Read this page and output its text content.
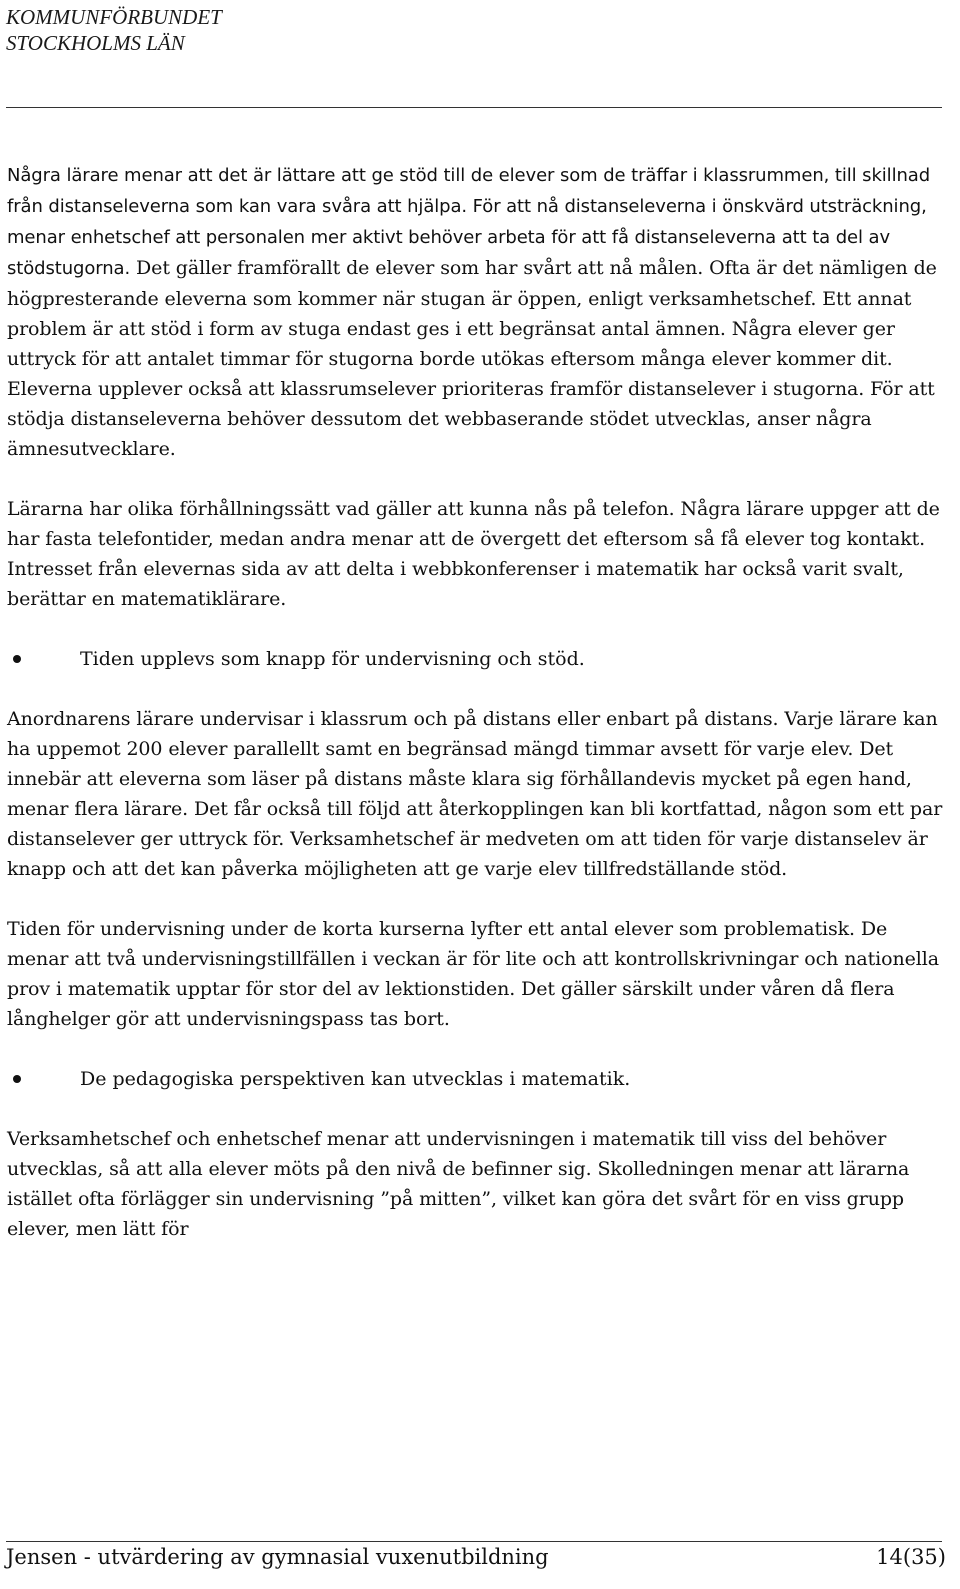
KOMMUNFÖRBUNDET
STOCKHOLMS LÄN

Några lärare menar att det är lättare att ge stöd till de elever som de träffar i klassrummen, till skillnad från distanseleverna som kan vara svåra att hjälpa. För att nå distanseleverna i önskvärd utsträckning, menar enhetschef att personalen mer aktivt behöver arbeta för att få distanseleverna att ta del av stödstugorna. Det gäller framförallt de elever som har svårt att nå målen. Ofta är det nämligen de högpresterande eleverna som kommer när stugan är öppen, enligt verksamhetschef. Ett annat problem är att stöd i form av stuga endast ges i ett begränsat antal ämnen. Några elever ger uttryck för att antalet timmar för stugorna borde utökas eftersom många elever kommer dit. Eleverna upplever också att klassrumselever prioriteras framför distanselever i stugorna. För att stödja distanseleverna behöver dessutom det webbaserande stödet utvecklas, anser några ämnesutvecklare.

Lärarna har olika förhållningssätt vad gäller att kunna nås på telefon. Några lärare uppger att de har fasta telefontider, medan andra menar att de övergett det eftersom så få elever tog kontakt. Intresset från elevernas sida av att delta i webbkonferenser i matematik har också varit svalt, berättar en matematiklärare.

Tiden upplevs som knapp för undervisning och stöd.

Anordnarens lärare undervisar i klassrum och på distans eller enbart på distans. Varje lärare kan ha uppemot 200 elever parallellt samt en begränsad mängd timmar avsett för varje elev. Det innebär att eleverna som läser på distans måste klara sig förhållandevis mycket på egen hand, menar flera lärare. Det får också till följd att återkopplingen kan bli kortfattad, någon som ett par distanselever ger uttryck för. Verksamhetschef är medveten om att tiden för varje distanselev är knapp och att det kan påverka möjligheten att ge varje elev tillfredställande stöd.

Tiden för undervisning under de korta kurserna lyfter ett antal elever som problematisk. De menar att två undervisningstillfällen i veckan är för lite och att kontrollskrivningar och nationella prov i matematik upptar för stor del av lektionstiden. Det gäller särskilt under våren då flera långhelger gör att undervisningspass tas bort.

De pedagogiska perspektiven kan utvecklas i matematik.

Verksamhetschef och enhetschef menar att undervisningen i matematik till viss del behöver utvecklas, så att alla elever möts på den nivå de befinner sig. Skolledningen menar att lärarna istället ofta förlägger sin undervisning ”på mitten”, vilket kan göra det svårt för en viss grupp elever, men lätt för

Jensen - utvärdering av gymnasial vuxenutbildning	14(35)
